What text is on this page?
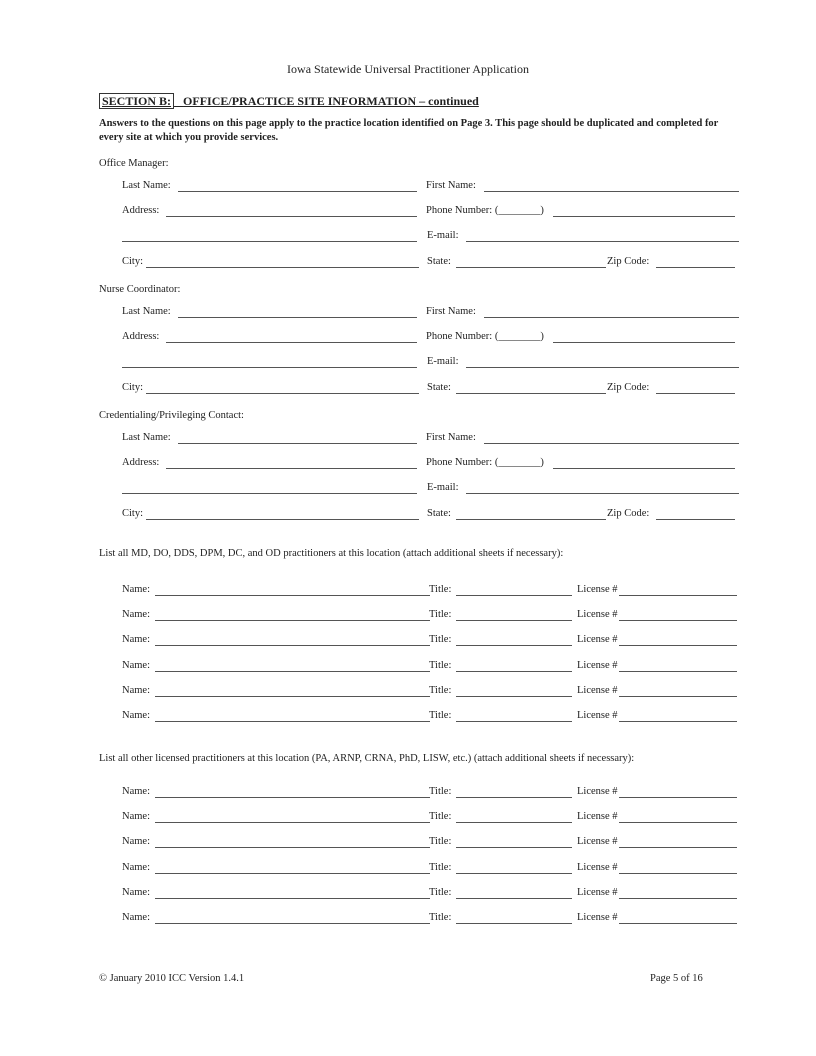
Iowa Statewide Universal Practitioner Application
SECTION B: OFFICE/PRACTICE SITE INFORMATION – continued
Answers to the questions on this page apply to the practice location identified on Page 3. This page should be duplicated and completed for every site at which you provide services.
Office Manager:
Last Name:	First Name:
Address:	Phone Number: (________)
E-mail:
City:	State:	Zip Code:
Nurse Coordinator:
Last Name:	First Name:
Address:	Phone Number: (________)
E-mail:
City:	State:	Zip Code:
Credentialing/Privileging Contact:
Last Name:	First Name:
Address:	Phone Number: (________)
E-mail:
City:	State:	Zip Code:
List all MD, DO, DDS, DPM, DC, and OD practitioners at this location (attach additional sheets if necessary):
Name:	Title:	License #
Name:	Title:	License #
Name:	Title:	License #
Name:	Title:	License #
Name:	Title:	License #
Name:	Title:	License #
List all other licensed practitioners at this location (PA, ARNP, CRNA, PhD, LISW, etc.) (attach additional sheets if necessary):
Name:	Title:	License #
Name:	Title:	License #
Name:	Title:	License #
Name:	Title:	License #
Name:	Title:	License #
Name:	Title:	License #
© January 2010 ICC Version 1.4.1	Page 5 of 16
